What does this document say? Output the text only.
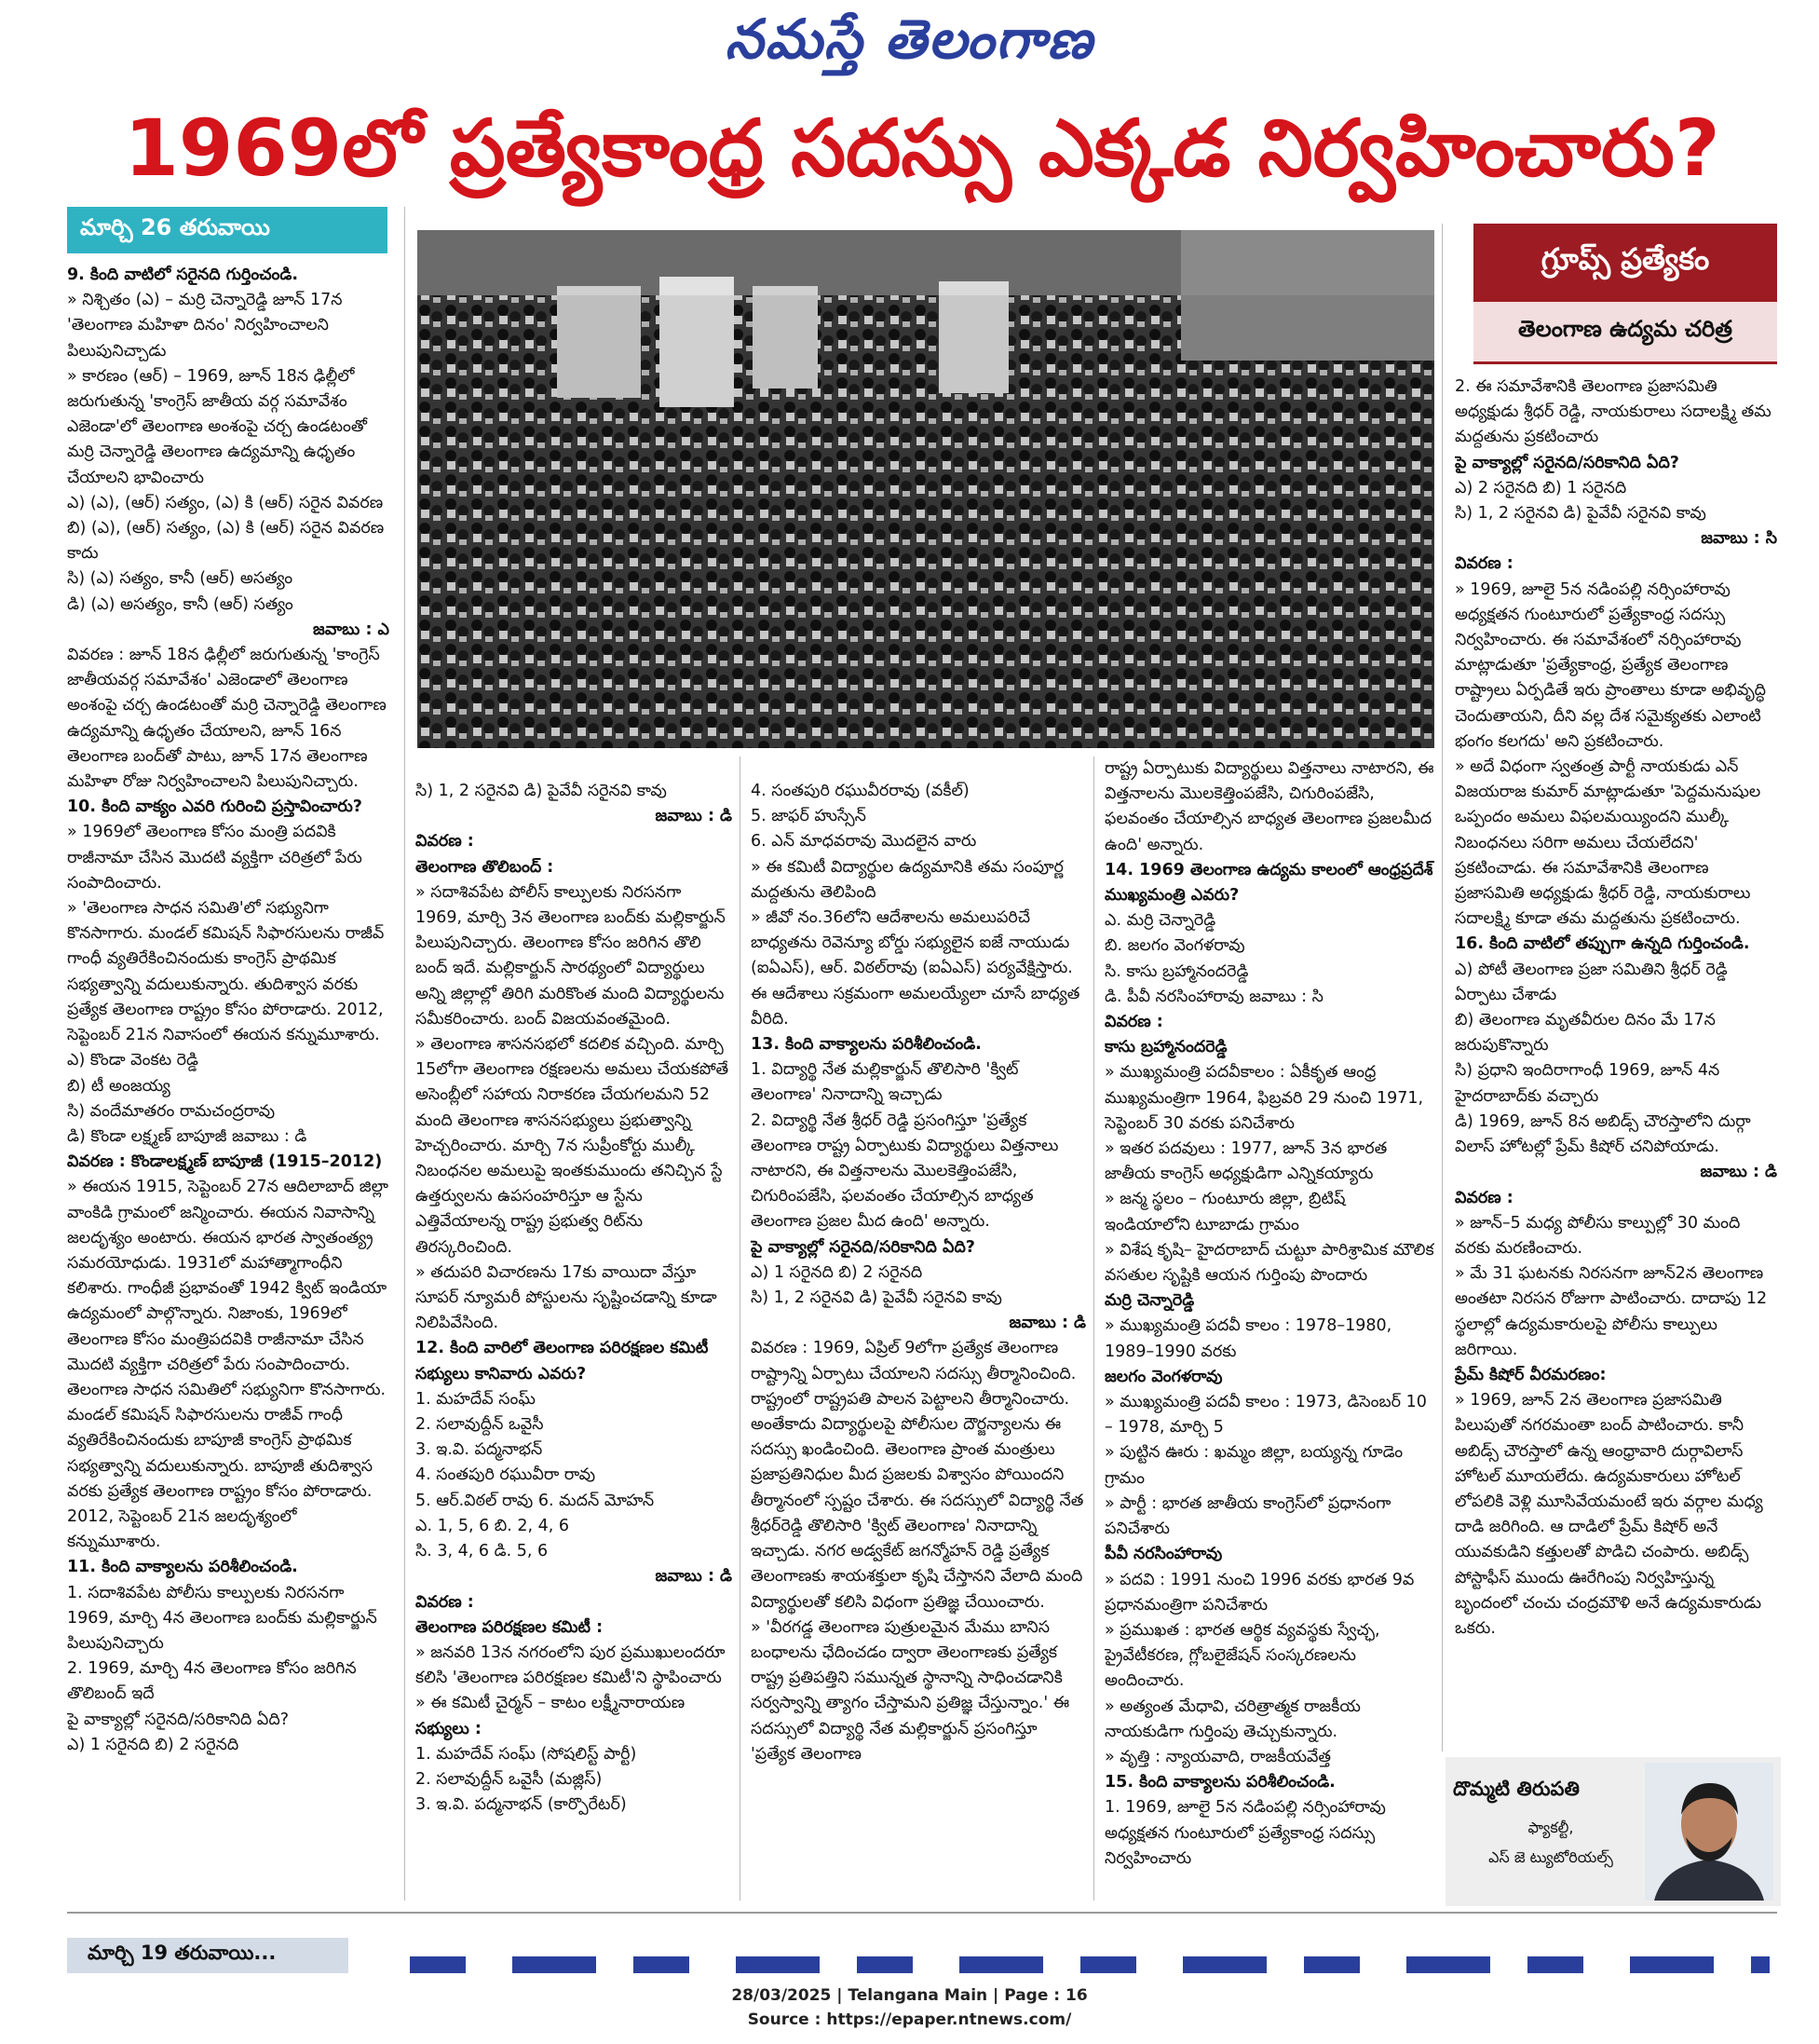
నమస్తే తెలంగాణ
1969లో ప్రత్యేకాంధ్ర సదస్సు ఎక్కడ నిర్వహించారు?
మార్చి 26 తరువాయి
గ్రూప్స్ ప్రత్యేకం
తెలంగాణ ఉద్యమ చరిత్ర

9. కింది వాటిలో సరైనది గుర్తించండి.

» నిశ్చితం (ఎ) – మర్రి చెన్నారెడ్డి జూన్ 17న 'తెలంగాణ మహిళా దినం' నిర్వహించాలని పిలుపునిచ్చాడు

» కారణం (ఆర్) – 1969, జూన్ 18న ఢిల్లీలో జరుగుతున్న 'కాంగ్రెస్ జాతీయ వర్గ సమావేశం ఎజెండా'లో తెలంగాణ అంశంపై చర్చ ఉండటంతో మర్రి చెన్నారెడ్డి తెలంగాణ ఉద్యమాన్ని ఉధృతం చేయాలని భావించారు

ఎ) (ఎ), (ఆర్) సత్యం, (ఎ) కి (ఆర్) సరైన వివరణ

బి) (ఎ), (ఆర్) సత్యం, (ఎ) కి (ఆర్) సరైన వివరణ కాదు

సి) (ఎ) సత్యం, కానీ (ఆర్) అసత్యం

డి) (ఎ) అసత్యం, కానీ (ఆర్) సత్యం

జవాబు : ఎ

వివరణ : జూన్ 18న ఢిల్లీలో జరుగుతున్న 'కాంగ్రెస్ జాతీయవర్గ సమావేశం' ఎజెండాలో తెలంగాణ అంశంపై చర్చ ఉండటంతో మర్రి చెన్నారెడ్డి తెలంగాణ ఉద్యమాన్ని ఉధృతం చేయాలని, జూన్ 16న తెలంగాణ బంద్‌తో పాటు, జూన్ 17న తెలంగాణ మహిళా రోజు నిర్వహించాలని పిలుపునిచ్చారు.

10. కింది వాక్యం ఎవరి గురించి ప్రస్తావించారు?

» 1969లో తెలంగాణ కోసం మంత్రి పదవికి రాజీనామా చేసిన మొదటి వ్యక్తిగా చరిత్రలో పేరు సంపాదించారు.

» 'తెలంగాణ సాధన సమితి'లో సభ్యునిగా కొనసాగారు. మండల్ కమిషన్ సిఫారసులను రాజీవ్ గాంధీ వ్యతిరేకించినందుకు కాంగ్రెస్ ప్రాథమిక సభ్యత్వాన్ని వదులుకున్నారు. తుదిశ్వాస వరకు ప్రత్యేక తెలంగాణ రాష్ట్రం కోసం పోరాడారు. 2012, సెప్టెంబర్ 21న నివాసంలో ఈయన కన్నుమూశారు.

ఎ) కొండా వెంకట రెడ్డి

బి) టీ అంజయ్య

సి) వందేమాతరం రామచంద్రరావు

డి) కొండా లక్ష్మణ్ బాపూజీ జవాబు : డి

వివరణ : కొండాలక్ష్మణ్ బాపూజీ (1915–2012)

» ఈయన 1915, సెప్టెంబర్ 27న ఆదిలాబాద్ జిల్లా వాంకిడి గ్రామంలో జన్మించారు. ఈయన నివాసాన్ని జలదృశ్యం అంటారు. ఈయన భారత స్వాతంత్య్ర సమరయోధుడు. 1931లో మహాత్మాగాంధీని కలిశారు. గాంధీజీ ప్రభావంతో 1942 క్విట్ ఇండియా ఉద్యమంలో పాల్గొన్నారు. నిజాంకు, 1969లో తెలంగాణ కోసం మంత్రిపదవికి రాజీనామా చేసిన మొదటి వ్యక్తిగా చరిత్రలో పేరు సంపాదించారు. తెలంగాణ సాధన సమితిలో సభ్యునిగా కొనసాగారు. మండల్ కమిషన్ సిఫారసులను రాజీవ్ గాంధీ వ్యతిరేకించినందుకు బాపూజీ కాంగ్రెస్ ప్రాథమిక సభ్యత్వాన్ని వదులుకున్నారు. బాపూజీ తుదిశ్వాస వరకు ప్రత్యేక తెలంగాణ రాష్ట్రం కోసం పోరాడారు. 2012, సెప్టెంబర్ 21న జలదృశ్యంలో కన్నుమూశారు.

11. కింది వాక్యాలను పరిశీలించండి.

1. సదాశివపేట పోలీసు కాల్పులకు నిరసనగా 1969, మార్చి 4న తెలంగాణ బంద్‌కు మల్లికార్జున్ పిలుపునిచ్చారు

2. 1969, మార్చి 4న తెలంగాణ కోసం జరిగిన తొలిబంద్ ఇదే

పై వాక్యాల్లో సరైనది/సరికానిది ఏది?

ఎ) 1 సరైనది బి) 2 సరైనది

సి) 1, 2 సరైనవి డి) పైవేవీ సరైనవి కావు

జవాబు : డి

వివరణ :

తెలంగాణ తొలిబంద్ :

» సదాశివపేట పోలీస్ కాల్పులకు నిరసనగా 1969, మార్చి 3న తెలంగాణ బంద్‌కు మల్లికార్జున్ పిలుపునిచ్చారు. తెలంగాణ కోసం జరిగిన తొలి బంద్ ఇదే. మల్లికార్జున్ సారథ్యంలో విద్యార్థులు అన్ని జిల్లాల్లో తిరిగి మరికొంత మంది విద్యార్థులను సమీకరించారు. బంద్ విజయవంతమైంది.

» తెలంగాణ శాసనసభలో కదలిక వచ్చింది. మార్చి 15లోగా తెలంగాణ రక్షణలను అమలు చేయకపోతే అసెంబ్లీలో సహాయ నిరాకరణ చేయగలమని 52 మంది తెలంగాణ శాసనసభ్యులు ప్రభుత్వాన్ని హెచ్చరించారు. మార్చి 7న సుప్రీంకోర్టు ముల్కీ నిబంధనల అమలుపై ఇంతకుముందు తనిచ్చిన స్టే ఉత్తర్వులను ఉపసంహరిస్తూ ఆ స్టేను ఎత్తివేయాలన్న రాష్ట్ర ప్రభుత్వ రిట్‌ను తిరస్కరించింది.

» తదుపరి విచారణను 17కు వాయిదా వేస్తూ సూపర్ న్యూమరీ పోస్టులను సృష్టించడాన్ని కూడా నిలిపివేసింది.

12. కింది వారిలో తెలంగాణ పరిరక్షణల కమిటీ సభ్యులు కానివారు ఎవరు?

1. మహదేవ్ సంఘ్

2. సలావుద్దీన్ ఒవైసీ

3. ఇ.వి. పద్మనాభన్

4. సంతపురి రఘువీరా రావు

5. ఆర్.విఠల్ రావు 6. మదన్ మోహన్

ఎ. 1, 5, 6 బి. 2, 4, 6

సి. 3, 4, 6 డి. 5, 6

జవాబు : డి

వివరణ :

తెలంగాణ పరిరక్షణల కమిటీ :

» జనవరి 13న నగరంలోని పుర ప్రముఖులందరూ కలిసి 'తెలంగాణ పరిరక్షణల కమిటీ'ని స్థాపించారు

» ఈ కమిటీ చైర్మన్ – కాటం లక్ష్మీనారాయణ

సభ్యులు :

1. మహదేవ్ సంఘ్ (సోషలిస్ట్ పార్టీ)

2. సలావుద్దీన్ ఒవైసీ (మజ్లిస్)

3. ఇ.వి. పద్మనాభన్ (కార్పొరేటర్)

4. సంతపురి రఘువీరరావు (వకీల్)

5. జాఫర్ హుస్సేన్

6. ఎన్ మాధవరావు మొదలైన వారు

» ఈ కమిటీ విద్యార్థుల ఉద్యమానికి తమ సంపూర్ణ మద్దతును తెలిపింది

» జీవో నం.36లోని ఆదేశాలను అమలుపరిచే బాధ్యతను రెవెన్యూ బోర్డు సభ్యులైన ఐజే నాయుడు (ఐఏఎస్), ఆర్. విఠల్‌రావు (ఐఏఎస్) పర్యవేక్షిస్తారు. ఈ ఆదేశాలు సక్రమంగా అమలయ్యేలా చూసే బాధ్యత వీరిది.

13. కింది వాక్యాలను పరిశీలించండి.

1. విద్యార్థి నేత మల్లికార్జున్ తొలిసారి 'క్విట్ తెలంగాణ' నినాదాన్ని ఇచ్చాడు

2. విద్యార్థి నేత శ్రీధర్ రెడ్డి ప్రసంగిస్తూ 'ప్రత్యేక తెలంగాణ రాష్ట్ర ఏర్పాటుకు విద్యార్థులు విత్తనాలు నాటారని, ఈ విత్తనాలను మొలకెత్తింపజేసి, చిగురింపజేసి, ఫలవంతం చేయాల్సిన బాధ్యత తెలంగాణ ప్రజల మీద ఉంది' అన్నారు.

పై వాక్యాల్లో సరైనది/సరికానిది ఏది?

ఎ) 1 సరైనది బి) 2 సరైనది

సి) 1, 2 సరైనవి డి) పైవేవీ సరైనవి కావు

జవాబు : డి

వివరణ : 1969, ఏప్రిల్ 9లోగా ప్రత్యేక తెలంగాణ రాష్ట్రాన్ని ఏర్పాటు చేయాలని సదస్సు తీర్మానించింది. రాష్ట్రంలో రాష్ట్రపతి పాలన పెట్టాలని తీర్మానించారు. అంతేకాదు విద్యార్థులపై పోలీసుల దౌర్జన్యాలను ఈ సదస్సు ఖండించింది. తెలంగాణ ప్రాంత మంత్రులు ప్రజాప్రతినిధుల మీద ప్రజలకు విశ్వాసం పోయిందని తీర్మానంలో స్పష్టం చేశారు. ఈ సదస్సులో విద్యార్థి నేత శ్రీధర్‌రెడ్డి తొలిసారి 'క్విట్ తెలంగాణ' నినాదాన్ని ఇచ్చాడు. నగర అడ్వకేట్ జగన్మోహన్ రెడ్డి ప్రత్యేక తెలంగాణకు శాయశక్తులా కృషి చేస్తానని వేలాది మంది విద్యార్థులతో కలిసి విధంగా ప్రతిజ్ఞ చేయించారు.

» 'వీరగడ్డ తెలంగాణ పుత్రులమైన మేము బానిస బంధాలను ఛేదించడం ద్వారా తెలంగాణకు ప్రత్యేక రాష్ట్ర ప్రతిపత్తిని సమున్నత స్థానాన్ని సాధించడానికి సర్వస్వాన్ని త్యాగం చేస్తామని ప్రతిజ్ఞ చేస్తున్నాం.' ఈ సదస్సులో విద్యార్థి నేత మల్లికార్జున్ ప్రసంగిస్తూ 'ప్రత్యేక తెలంగాణ

రాష్ట్ర ఏర్పాటుకు విద్యార్థులు విత్తనాలు నాటారని, ఈ విత్తనాలను మొలకెత్తింపజేసి, చిగురింపజేసి, ఫలవంతం చేయాల్సిన బాధ్యత తెలంగాణ ప్రజలమీద ఉంది' అన్నారు.

14. 1969 తెలంగాణ ఉద్యమ కాలంలో ఆంధ్రప్రదేశ్ ముఖ్యమంత్రి ఎవరు?

ఎ. మర్రి చెన్నారెడ్డి

బి. జలగం వెంగళరావు

సి. కాసు బ్రహ్మానందరెడ్డి

డి. పీవీ నరసింహారావు జవాబు : సి

వివరణ :

కాసు బ్రహ్మానందరెడ్డి

» ముఖ్యమంత్రి పదవీకాలం : ఏకీకృత ఆంధ్ర ముఖ్యమంత్రిగా 1964, ఫిబ్రవరి 29 నుంచి 1971, సెప్టెంబర్ 30 వరకు పనిచేశారు

» ఇతర పదవులు : 1977, జూన్ 3న భారత జాతీయ కాంగ్రెస్ అధ్యక్షుడిగా ఎన్నికయ్యారు

» జన్మ స్థలం – గుంటూరు జిల్లా, బ్రిటిష్ ఇండియాలోని టూబాడు గ్రామం

» విశేష కృషి– హైదరాబాద్ చుట్టూ పారిశ్రామిక మౌలిక వసతుల సృష్టికి ఆయన గుర్తింపు పొందారు

మర్రి చెన్నారెడ్డి

» ముఖ్యమంత్రి పదవీ కాలం : 1978–1980, 1989–1990 వరకు

జలగం వెంగళరావు

» ముఖ్యమంత్రి పదవీ కాలం : 1973, డిసెంబర్ 10 – 1978, మార్చి 5

» పుట్టిన ఊరు : ఖమ్మం జిల్లా, బయ్యన్న గూడెం గ్రామం

» పార్టీ : భారత జాతీయ కాంగ్రెస్‌లో ప్రధానంగా పనిచేశారు

పీవీ నరసింహారావు

» పదవి : 1991 నుంచి 1996 వరకు భారత 9వ ప్రధానమంత్రిగా పనిచేశారు

» ప్రముఖత : భారత ఆర్థిక వ్యవస్థకు స్వేచ్ఛ, ప్రైవేటీకరణ, గ్లోబలైజేషన్ సంస్కరణలను అందించారు.

» అత్యంత మేధావి, చరిత్రాత్మక రాజకీయ నాయకుడిగా గుర్తింపు తెచ్చుకున్నారు.

» వృత్తి : న్యాయవాది, రాజకీయవేత్త

15. కింది వాక్యాలను పరిశీలించండి.

1. 1969, జూలై 5న నడింపల్లి నర్సింహారావు అధ్యక్షతన గుంటూరులో ప్రత్యేకాంధ్ర సదస్సు నిర్వహించారు

2. ఈ సమావేశానికి తెలంగాణ ప్రజాసమితి అధ్యక్షుడు శ్రీధర్ రెడ్డి, నాయకురాలు సదాలక్ష్మి తమ మద్దతును ప్రకటించారు

పై వాక్యాల్లో సరైనది/సరికానిది ఏది?

ఎ) 2 సరైనది బి) 1 సరైనది

సి) 1, 2 సరైనవి డి) పైవేవీ సరైనవి కావు

జవాబు : సి

వివరణ :

» 1969, జూలై 5న నడింపల్లి నర్సింహారావు అధ్యక్షతన గుంటూరులో ప్రత్యేకాంధ్ర సదస్సు నిర్వహించారు. ఈ సమావేశంలో నర్సింహారావు మాట్లాడుతూ 'ప్రత్యేకాంధ్ర, ప్రత్యేక తెలంగాణ రాష్ట్రాలు ఏర్పడితే ఇరు ప్రాంతాలు కూడా అభివృద్ధి చెందుతాయని, దీని వల్ల దేశ సమైక్యతకు ఎలాంటి భంగం కలగదు' అని ప్రకటించారు.

» అదే విధంగా స్వతంత్ర పార్టీ నాయకుడు ఎన్ విజయరాజ కుమార్ మాట్లాడుతూ 'పెద్దమనుషుల ఒప్పందం అమలు విఫలమయ్యిందని ముల్కీ నిబంధనలు సరిగా అమలు చేయలేదని' ప్రకటించాడు. ఈ సమావేశానికి తెలంగాణ ప్రజాసమితి అధ్యక్షుడు శ్రీధర్ రెడ్డి, నాయకురాలు సదాలక్ష్మి కూడా తమ మద్దతును ప్రకటించారు.

16. కింది వాటిలో తప్పుగా ఉన్నది గుర్తించండి.

ఎ) పోటీ తెలంగాణ ప్రజా సమితిని శ్రీధర్ రెడ్డి ఏర్పాటు చేశాడు

బి) తెలంగాణ మృతవీరుల దినం మే 17న జరుపుకొన్నారు

సి) ప్రధాని ఇందిరాగాంధీ 1969, జూన్ 4న హైదరాబాద్‌కు వచ్చారు

డి) 1969, జూన్ 8న అబిడ్స్ చౌరస్తాలోని దుర్గా విలాస్ హోటల్లో ప్రేమ్ కిషోర్ చనిపోయాడు.

జవాబు : డి

వివరణ :

» జూన్–5 మధ్య పోలీసు కాల్పుల్లో 30 మంది వరకు మరణించారు.

» మే 31 ఘటనకు నిరసనగా జూన్2న తెలంగాణ అంతటా నిరసన రోజుగా పాటించారు. దాదాపు 12 స్థలాల్లో ఉద్యమకారులపై పోలీసు కాల్పులు జరిగాయి.

ప్రేమ్ కిషోర్ వీరమరణం:

» 1969, జూన్ 2న తెలంగాణ ప్రజాసమితి పిలుపుతో నగరమంతా బంద్ పాటించారు. కానీ అబిడ్స్ చౌరస్తాలో ఉన్న ఆంధ్రావారి దుర్గావిలాస్ హోటల్ మూయలేదు. ఉద్యమకారులు హోటల్ లోపలికి వెళ్లి మూసివేయమంటే ఇరు వర్గాల మధ్య దాడి జరిగింది. ఆ దాడిలో ప్రేమ్ కిషోర్ అనే యువకుడిని కత్తులతో పొడిచి చంపారు. అబిడ్స్ పోస్టాఫీస్ ముందు ఊరేగింపు నిర్వహిస్తున్న బృందంలో చంచు చంద్రమౌళి అనే ఉద్యమకారుడు ఒకరు.

దొమ్మటి తిరుపతి
ఫ్యాకల్టీ,
ఎస్ జె ట్యుటోరియల్స్
మార్చి 19 తరువాయి...
28/03/2025 | Telangana Main | Page : 16
Source : https://epaper.ntnews.com/
